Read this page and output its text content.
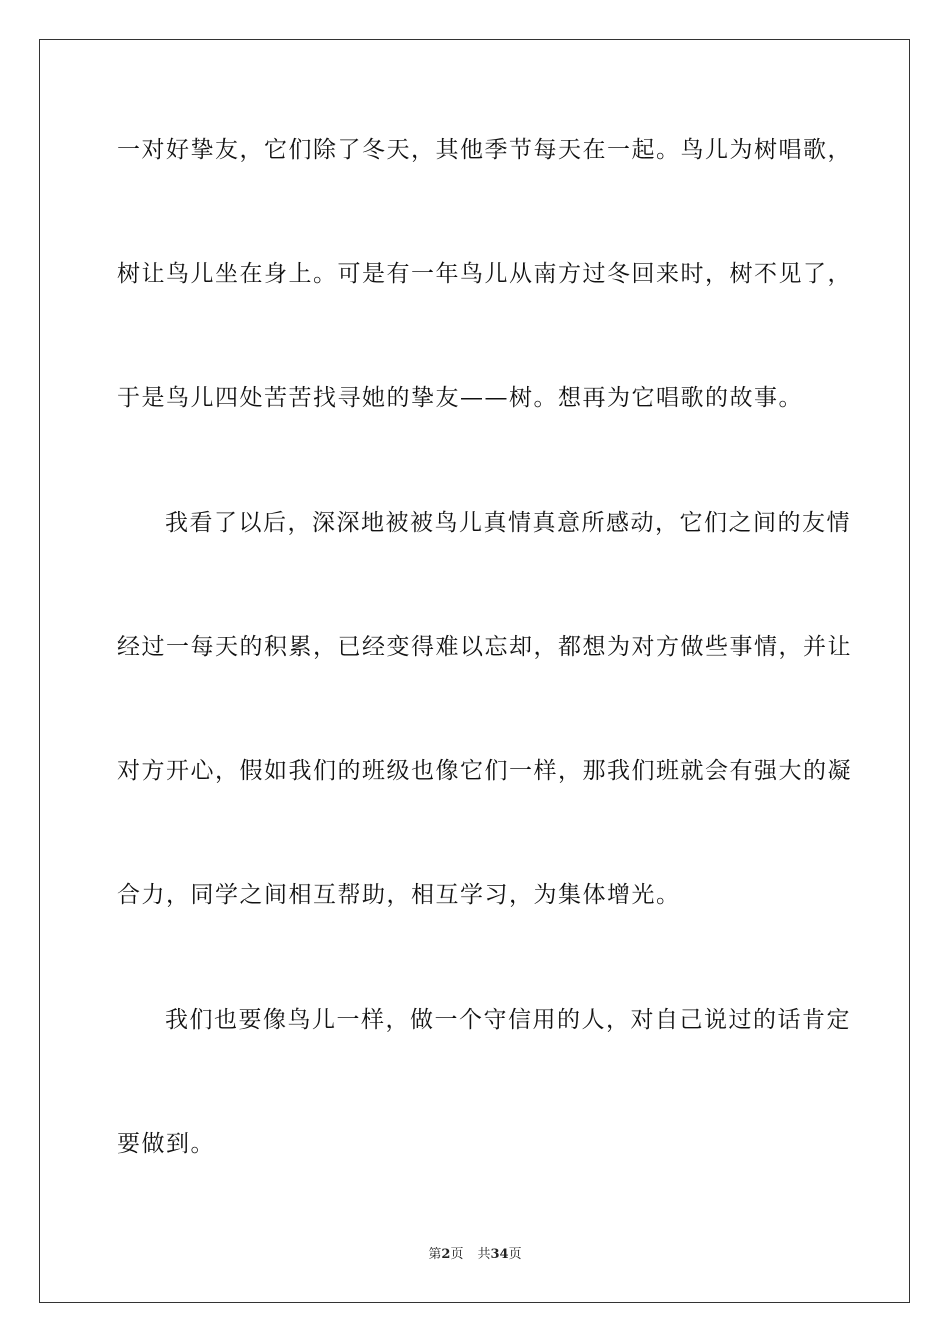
一对好挚友，它们除了冬天，其他季节每天在一起。鸟儿为树唱歌，
树让鸟儿坐在身上。可是有一年鸟儿从南方过冬回来时，树不见了，
于是鸟儿四处苦苦找寻她的挚友——树。想再为它唱歌的故事。
我看了以后，深深地被被鸟儿真情真意所感动，它们之间的友情
经过一每天的积累，已经变得难以忘却，都想为对方做些事情，并让
对方开心，假如我们的班级也像它们一样，那我们班就会有强大的凝
合力，同学之间相互帮助，相互学习，为集体增光。
我们也要像鸟儿一样，做一个守信用的人，对自己说过的话肯定
要做到。
第2页 共34页
